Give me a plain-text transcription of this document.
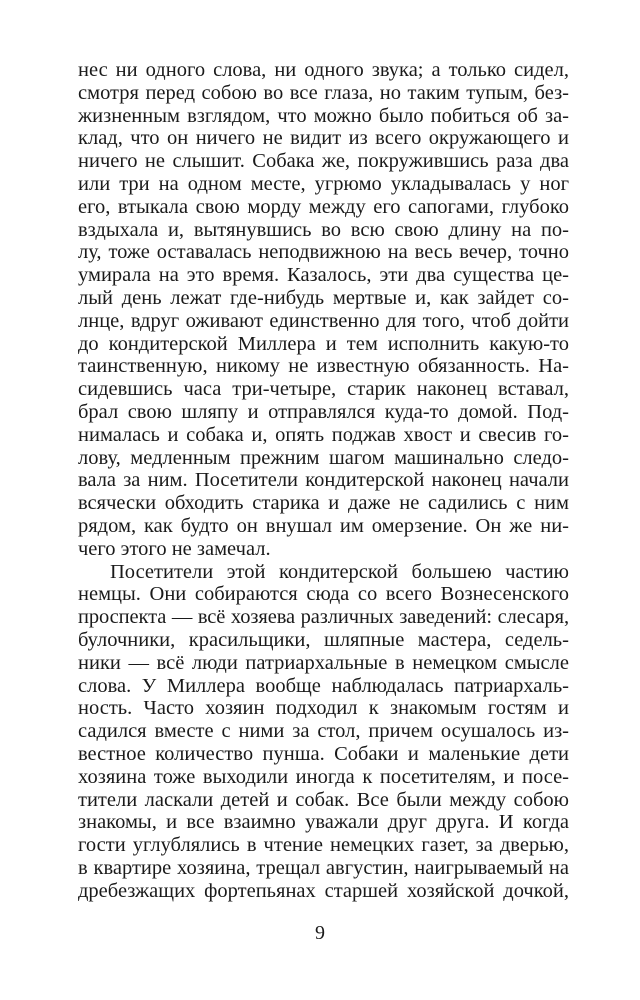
нес ни одного слова, ни одного звука; а только сидел,
смотря перед собою во все глаза, но таким тупым, без-
жизненным взглядом, что можно было побиться об за-
клад, что он ничего не видит из всего окружающего и
ничего не слышит. Собака же, покружившись раза два
или три на одном месте, угрюмо укладывалась у ног
его, втыкала свою морду между его сапогами, глубоко
вздыхала и, вытянувшись во всю свою длину на по-
лу, тоже оставалась неподвижною на весь вечер, точно
умирала на это время. Казалось, эти два существа це-
лый день лежат где-нибудь мертвые и, как зайдет со-
лнце, вдруг оживают единственно для того, чтоб дойти
до кондитерской Миллера и тем исполнить какую-то
таинственную, никому не известную обязанность. На-
сидевшись часа три-четыре, старик наконец вставал,
брал свою шляпу и отправлялся куда-то домой. Под-
нималась и собака и, опять поджав хвост и свесив го-
лову, медленным прежним шагом машинально следо-
вала за ним. Посетители кондитерской наконец начали
всячески обходить старика и даже не садились с ним
рядом, как будто он внушал им омерзение. Он же ни-
чего этого не замечал.
Посетители этой кондитерской большею частию
немцы. Они собираются сюда со всего Вознесенского
проспекта — всё хозяева различных заведений: слесаря,
булочники, красильщики, шляпные мастера, седель-
ники — всё люди патриархальные в немецком смысле
слова. У Миллера вообще наблюдалась патриархаль-
ность. Часто хозяин подходил к знакомым гостям и
садился вместе с ними за стол, причем осушалось из-
вестное количество пунша. Собаки и маленькие дети
хозяина тоже выходили иногда к посетителям, и посе-
тители ласкали детей и собак. Все были между собою
знакомы, и все взаимно уважали друг друга. И когда
гости углублялись в чтение немецких газет, за дверью,
в квартире хозяина, трещал августин, наигрываемый на
дребезжащих фортепьянах старшей хозяйской дочкой,
9
